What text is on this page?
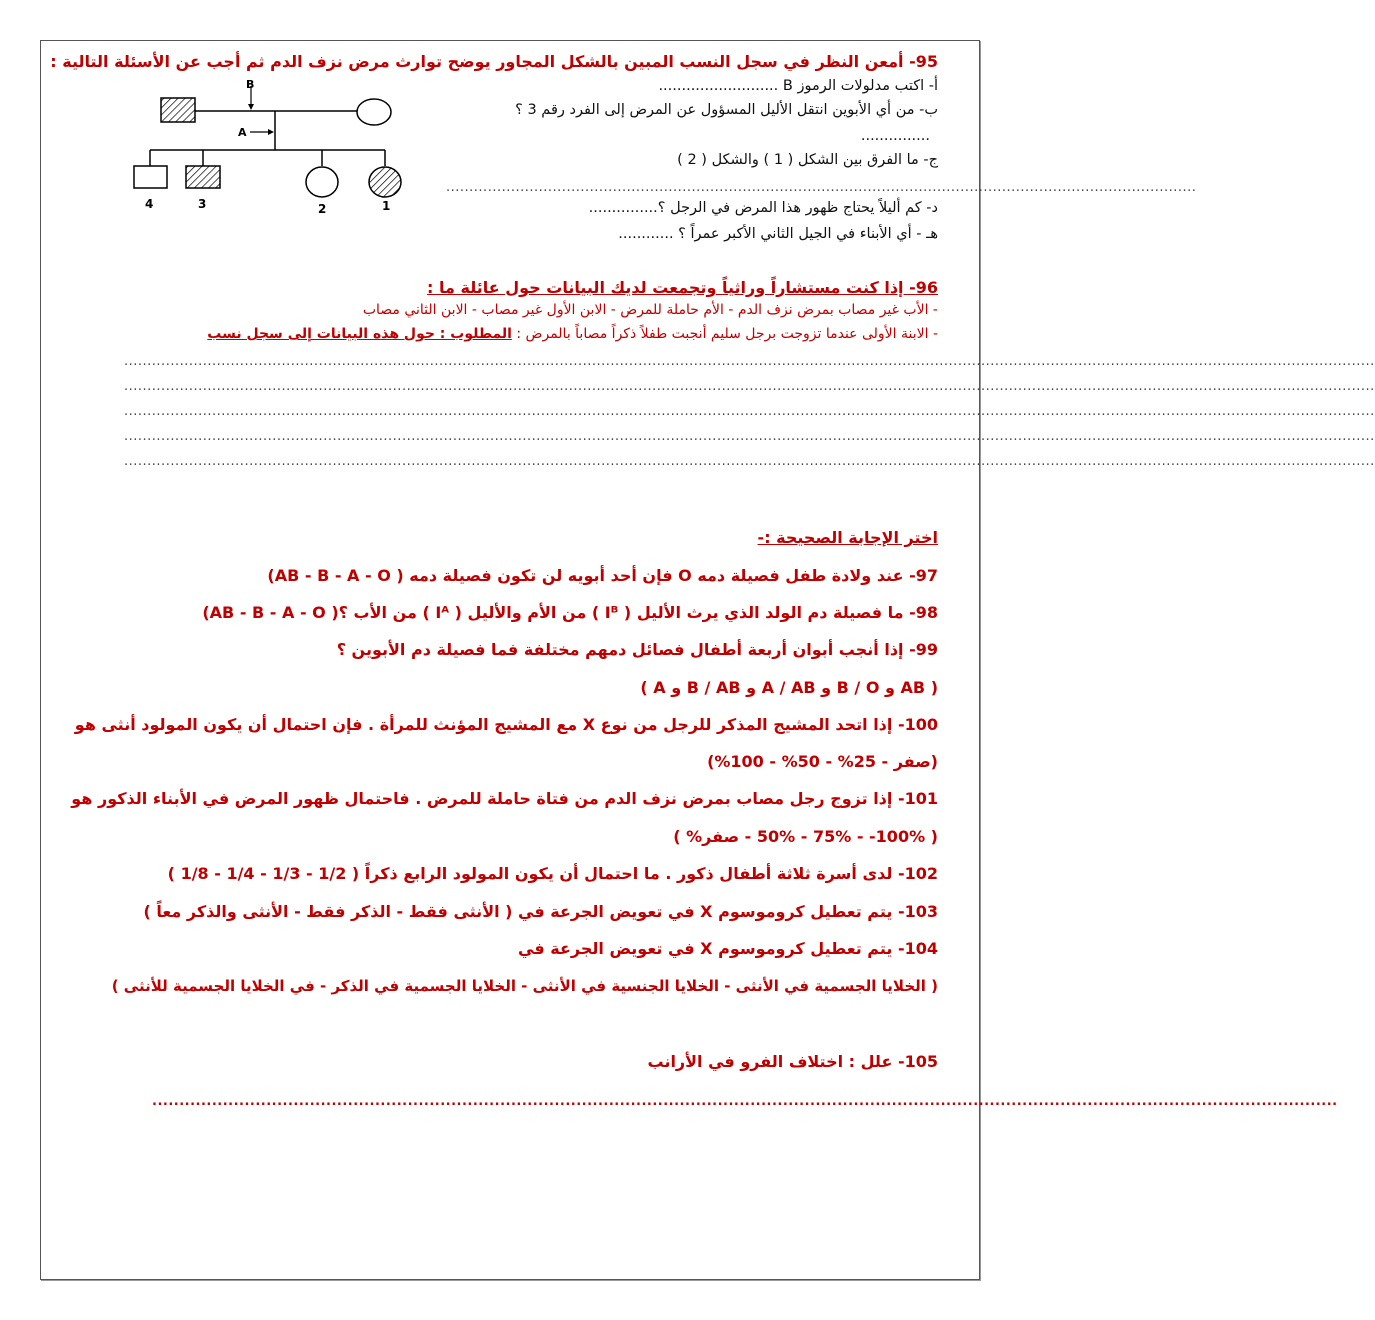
95- أمعن النظر في سجل النسب المبين بالشكل المجاور يوضح توارث مرض نزف الدم ثم أجب عن الأسئلة التالية :
أ- اكتب مدلولات الرموز B ..........................
ب- من أي الأبوين انتقل الأليل المسؤول عن المرض إلى الفرد رقم 3 ؟
...............
ج- ما الفرق بين الشكل ( 1 ) والشكل ( 2 )
..................................................................................................................................................................
د- كم أليلاً يحتاج ظهور هذا المرض في الرجل ؟...............
هـ - أي الأبناء في الجيل الثاني الأكبر عمراً ؟ ............
B
A
4	3	2	1
96- إذا كنت مستشاراً وراثياً وتجمعت لديك البيانات حول عائلة ما :
- الأب غير مصاب بمرض نزف الدم - الأم حاملة للمرض - الابن الأول غير مصاب - الابن الثاني مصاب
- الابنة الأولى عندما تزوجت برجل سليم أنجبت طفلاً ذكراً مصاباً بالمرض : المطلوب : حول هذه البيانات إلى سجل نسب
..............................................................................................................................................................................................................................................................................
..............................................................................................................................................................................................................................................................................
..............................................................................................................................................................................................................................................................................
..............................................................................................................................................................................................................................................................................
..............................................................................................................................................................................................................................................................................
اختر الإجابة الصحيحة :-
97- عند ولادة طفل فصيلة دمه O فإن أحد أبويه لن تكون فصيلة دمه ( AB - B - A - O)
98- ما فصيلة دم الولد الذي يرث الأليل ( Iᴮ ) من الأم والأليل ( Iᴬ ) من الأب ؟( AB - B - A - O)
99- إذا أنجب أبوان أربعة أطفال فصائل دمهم مختلفة فما فصيلة دم الأبوين ؟
( A و B / AB و A / AB و B / O و AB )
100- إذا اتحد المشيج المذكر للرجل من نوع X مع المشيج المؤنث للمرأة . فإن احتمال أن يكون المولود أنثى هو
(صفر - 25% - 50% - 100%)
101- إذا تزوج رجل مصاب بمرض نزف الدم من فتاة حاملة للمرض . فاحتمال ظهور المرض في الأبناء الذكور هو
( 100%- - 75% - 50% - صفر% )
102- لدى أسرة ثلاثة أطفال ذكور . ما احتمال أن يكون المولود الرابع ذكراً ( 1/2 - 1/3 - 1/4 - 1/8 )
103- يتم تعطيل كروموسوم X في تعويض الجرعة في ( الأنثى فقط - الذكر فقط - الأنثى والذكر معاً )
104- يتم تعطيل كروموسوم X في تعويض الجرعة في
( الخلايا الجسمية في الأنثى - الخلايا الجنسية في الأنثى - الخلايا الجسمية في الذكر - في الخلايا الجسمية للأنثى )
105- علل : اختلاف الفرو في الأرانب
..........................................................................................................................................................................................................................
